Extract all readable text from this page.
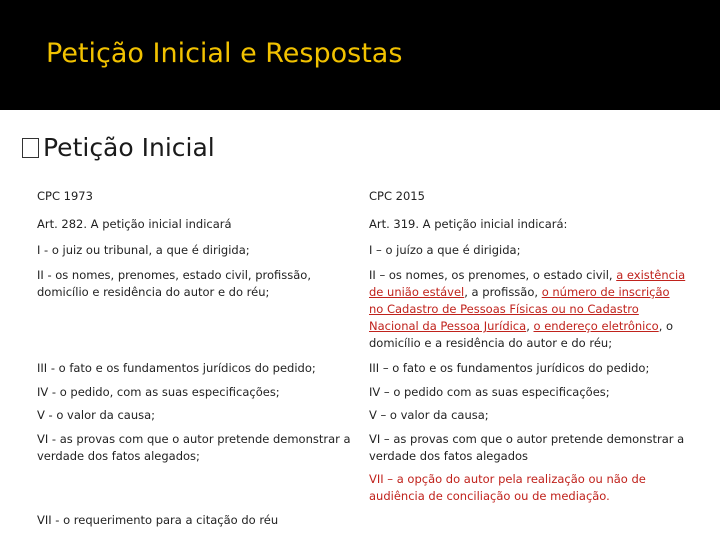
Petição Inicial e Respostas
Petição Inicial
CPC 1973
Art. 282. A petição inicial indicará
I - o juiz ou tribunal, a que é dirigida;
II - os nomes, prenomes, estado civil, profissão, domicílio e residência do autor e do réu;
III - o fato e os fundamentos jurídicos do pedido;
IV - o pedido, com as suas especificações;
V - o valor da causa;
VI - as provas com que o autor pretende demonstrar a verdade dos fatos alegados;
VII - o requerimento para a citação do réu
CPC 2015
Art. 319. A petição inicial indicará:
I – o juízo a que é dirigida;
II – os nomes, os prenomes, o estado civil, a existência de união estável, a profissão, o número de inscrição no Cadastro de Pessoas Físicas ou no Cadastro Nacional da Pessoa Jurídica, o endereço eletrônico, o domicílio e a residência do autor e do réu;
III – o fato e os fundamentos jurídicos do pedido;
IV – o pedido com as suas especificações;
V – o valor da causa;
VI – as provas com que o autor pretende demonstrar a verdade dos fatos alegados
VII – a opção do autor pela realização ou não de audiência de conciliação ou de mediação.
